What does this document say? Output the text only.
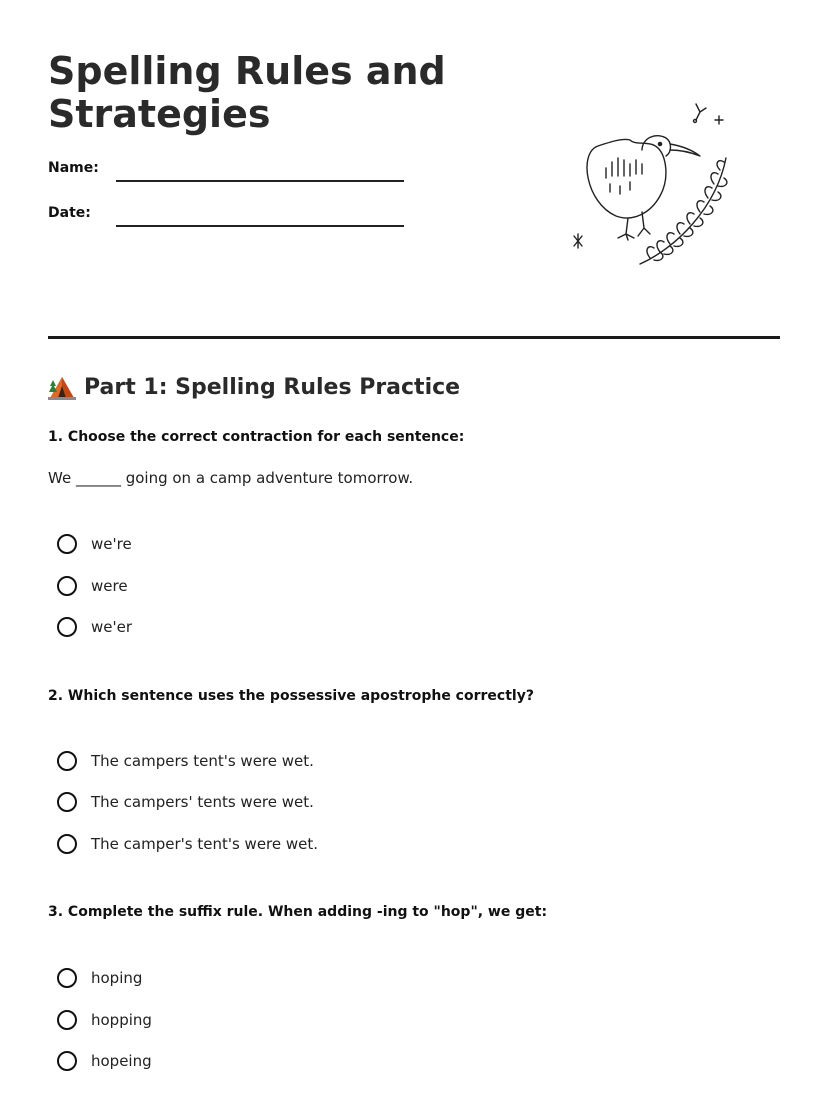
Spelling Rules and Strategies
Name:
Date:
Part 1: Spelling Rules Practice
1. Choose the correct contraction for each sentence:
We ______ going on a camp adventure tomorrow.
we're
were
we'er
2. Which sentence uses the possessive apostrophe correctly?
The campers tent's were wet.
The campers' tents were wet.
The camper's tent's were wet.
3. Complete the suffix rule. When adding -ing to "hop", we get:
hoping
hopping
hopeing
